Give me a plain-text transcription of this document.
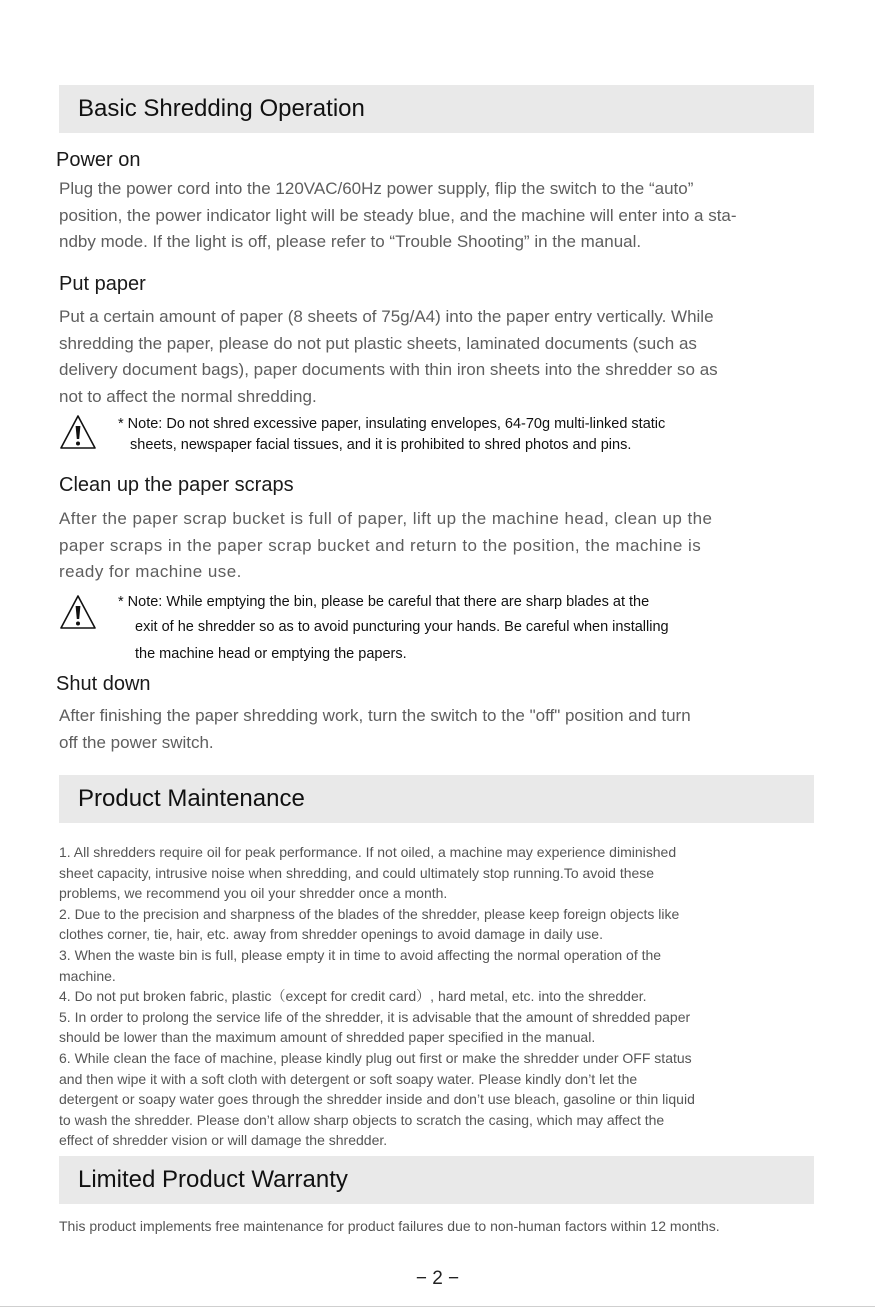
Basic Shredding Operation
Power on
Plug the power cord into the 120VAC/60Hz power supply, flip the switch to the “auto”
position, the power indicator light will be steady blue, and the machine will enter into a sta-
ndby mode. If the light is off, please refer to “Trouble Shooting” in the manual.
Put paper
Put a certain amount of paper (8 sheets of 75g/A4) into the paper entry vertically. While
shredding the paper, please do not put plastic sheets, laminated documents (such as
delivery document bags), paper documents with thin iron sheets into the shredder so as
not to affect the normal shredding.
* Note: Do not shred excessive paper, insulating envelopes, 64-70g multi-linked static
sheets, newspaper facial tissues, and it is prohibited to shred photos and pins.
Clean up the paper scraps
After the paper scrap bucket is full of paper, lift up the machine head, clean up the
paper scraps in the paper scrap bucket and return to the position, the machine is
ready for machine use.
* Note: While emptying the bin, please be careful that there are sharp blades at the
exit of he shredder so as to avoid puncturing your hands. Be careful when installing
the machine head or emptying the papers.
Shut down
After finishing the paper shredding work, turn the switch to the "off" position and turn
off the power switch.
Product Maintenance

1. All shredders require oil for peak performance. If not oiled, a machine may experience diminished

sheet capacity, intrusive noise when shredding, and could ultimately stop running.To avoid these

problems, we recommend you oil your shredder once a month.

2. Due to the precision and sharpness of the blades of the shredder, please keep foreign objects like

clothes corner, tie, hair, etc. away from shredder openings to avoid damage in daily use.

3. When the waste bin is full, please empty it in time to avoid affecting the normal operation of the

machine.

4. Do not put broken fabric, plastic（except for credit card）, hard metal, etc. into the shredder.

5. In order to prolong the service life of the shredder, it is advisable that the amount of shredded paper

should be lower than the maximum amount of shredded paper specified in the manual.

6. While clean the face of machine, please kindly plug out first or make the shredder under OFF status

and then wipe it with a soft cloth with detergent or soft soapy water. Please kindly don’t let the

detergent or soapy water goes through the shredder inside and don’t use bleach, gasoline or thin liquid

to wash the shredder. Please don’t allow sharp objects to scratch the casing, which may affect the

effect of shredder vision or will damage the shredder.

Limited Product Warranty
This product implements free maintenance for product failures due to non-human factors within 12 months.
− 2 −
